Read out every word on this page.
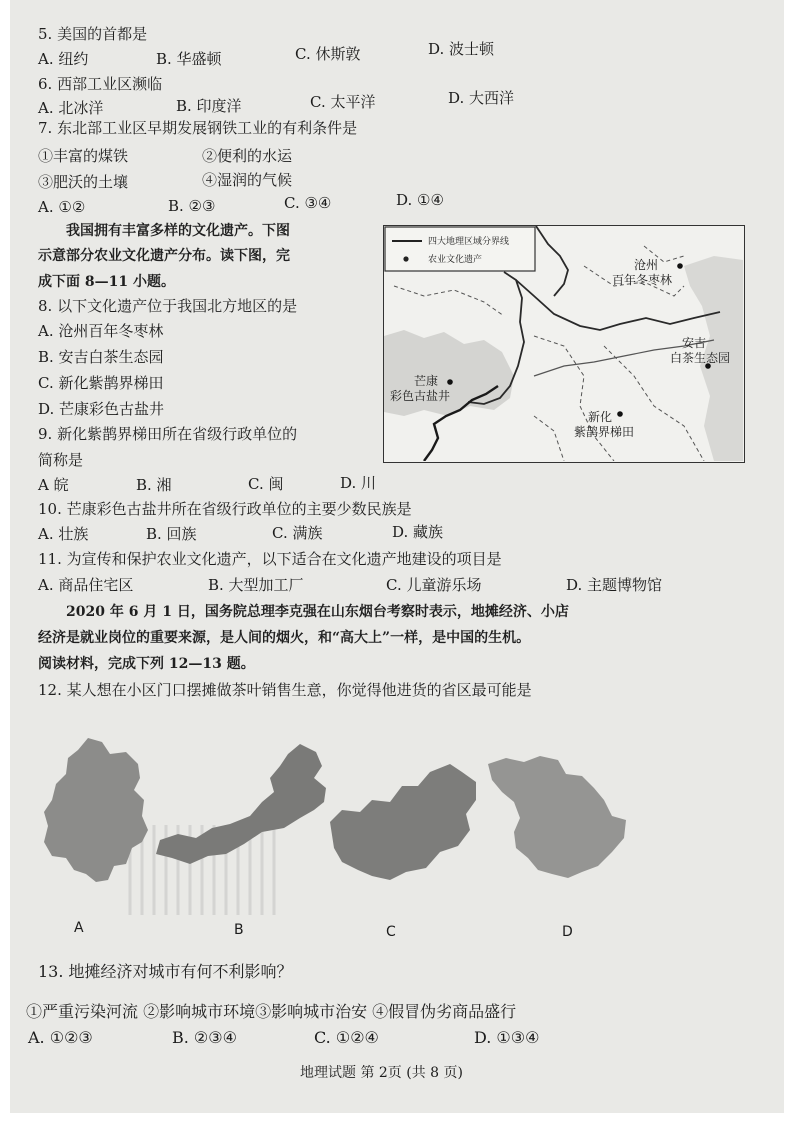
5. 美国的首都是
A. 纽约	B. 华盛顿	C. 休斯敦	D. 波士顿
6. 西部工业区濒临
A. 北冰洋	B. 印度洋	C. 太平洋	D. 大西洋
7. 东北部工业区早期发展钢铁工业的有利条件是
①丰富的煤铁	②便利的水运
③肥沃的土壤	④湿润的气候
A. ①②	B. ②③	C. ③④	D. ①④
我国拥有丰富多样的文化遗产。下图
示意部分农业文化遗产分布。读下图，完
成下面 8—11 小题。
8. 以下文化遗产位于我国北方地区的是
A. 沧州百年冬枣林
B. 安吉白茶生态园
C. 新化紫鹊界梯田
D. 芒康彩色古盐井
9. 新化紫鹊界梯田所在省级行政单位的
简称是
A 皖	B. 湘	C. 闽	D. 川
10. 芒康彩色古盐井所在省级行政单位的主要少数民族是
A. 壮族	B. 回族	C. 满族	D. 藏族
11. 为宣传和保护农业文化遗产，以下适合在文化遗产地建设的项目是
A. 商品住宅区	B. 大型加工厂	C. 儿童游乐场	D. 主题博物馆
2020 年 6 月 1 日，国务院总理李克强在山东烟台考察时表示，地摊经济、小店
经济是就业岗位的重要来源，是人间的烟火，和“高大上”一样，是中国的生机。
阅读材料，完成下列 12—13 题。
12. 某人想在小区门口摆摊做茶叶销售生意，你觉得他进货的省区最可能是
A	B	C	D
13. 地摊经济对城市有何不利影响？
①严重污染河流 ②影响城市环境③影响城市治安 ④假冒伪劣商品盛行
A. ①②③	B. ②③④	C. ①②④	D. ①③④
地理试题 第 2页 (共 8 页)
四大地理区域分界线
农业文化遗产	沧州
百年冬枣林
安吉
白茶生态园
芒康
彩色古盐井
新化
紫鹊界梯田
